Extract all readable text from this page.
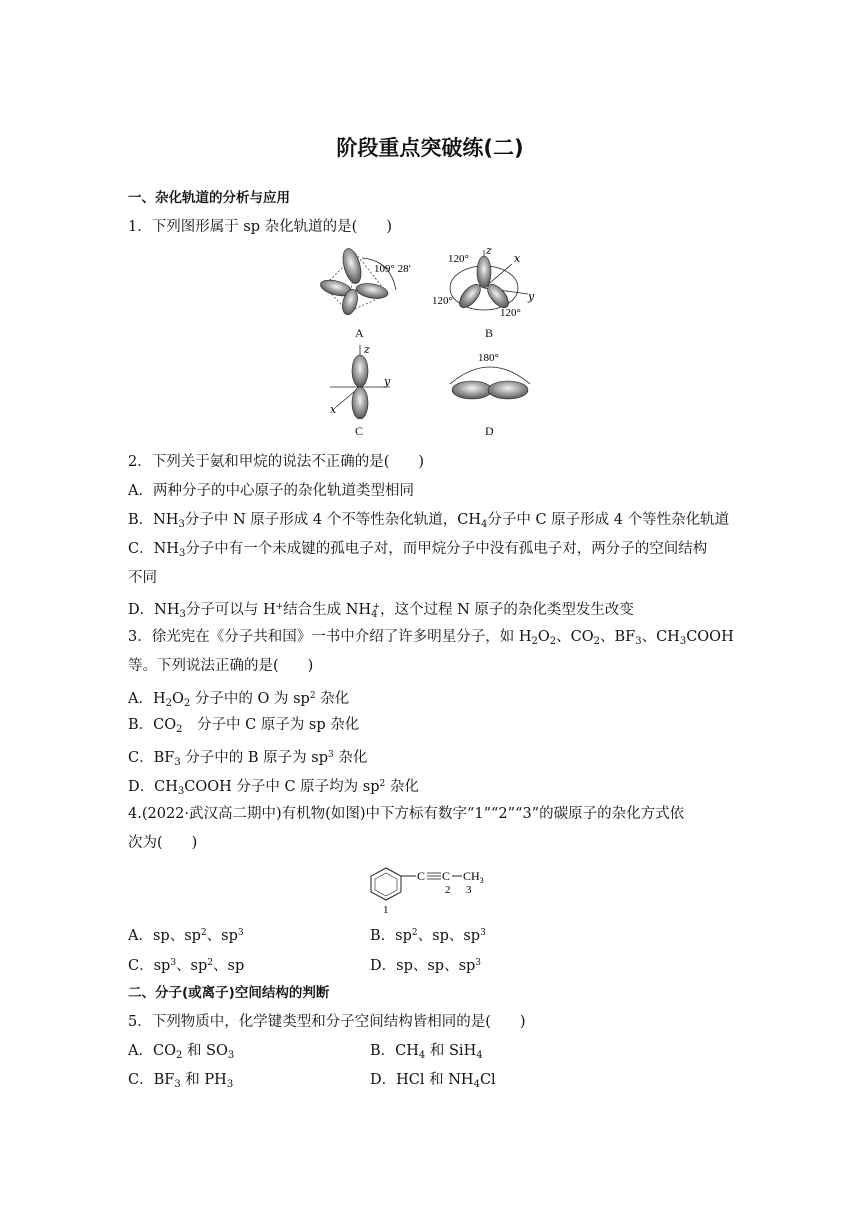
阶段重点突破练(二)
一、杂化轨道的分析与应用
1．下列图形属于 sp 杂化轨道的是(　　)
109° 28′
A
120°
120°
120°
z
x
y
B
z
y
x
C
180°
D
2．下列关于氨和甲烷的说法不正确的是(　　)
A．两种分子的中心原子的杂化轨道类型相同
B．$NH_3$分子中 N 原子形成 4 个不等性杂化轨道，$CH_4$分子中 C 原子形成 4 个等性杂化轨道
C．$NH_3$分子中有一个未成键的孤电子对，而甲烷分子中没有孤电子对，两分子的空间结构
不同
D．$NH_3$分子可以与 H+结合生成 $NH_4^+$，这个过程 N 原子的杂化类型发生改变
3．徐光宪在《分子共和国》一书中介绍了许多明星分子，如 $H_2O_2$、$CO_2$、$BF_3$、$CH_3COOH$
等。下列说法正确的是(　　)
A．$H_2O_2$ 分子中的 O 为 $sp^2$ 杂化
B．$CO_2$　分子中 C 原子为 sp 杂化
C．$BF_3$ 分子中的 B 原子为 $sp^3$ 杂化
D．$CH_3COOH$ 分子中 C 原子均为 $sp^2$ 杂化
4.(2022·武汉高二期中)有机物(如图)中下方标有数字“1”“2”“3”的碳原子的杂化方式依
次为(　　)
C C $CH_3$
2 3
1
A．sp、$sp^2$、$sp^3$	B．$sp^2$、sp、$sp^3$
C．$sp^3$、$sp^2$、sp	D．sp、sp、$sp^3$
二、分子(或离子)空间结构的判断
5．下列物质中，化学键类型和分子空间结构皆相同的是(　　)
A．$CO_2$ 和 $SO_3$	B．$CH_4$ 和 SiH$_4$
C．$BF_3$ 和 $PH_3$	D．HCl 和 $NH_4Cl$
